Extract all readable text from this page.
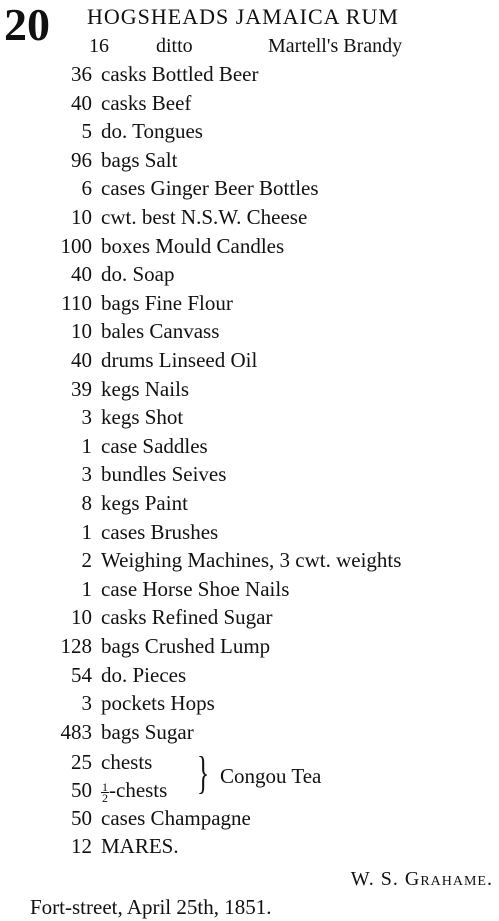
20 HOGSHEADS JAMAICA RUM
16 ditto	Martell's Brandy
36 casks Bottled Beer
40 casks Beef
5 do. Tongues
96 bags Salt
6 cases Ginger Beer Bottles
10 cwt. best N.S.W. Cheese
100 boxes Mould Candles
40 do. Soap
110 bags Fine Flour
10 bales Canvass
40 drums Linseed Oil
39 kegs Nails
3 kegs Shot
1 case Saddles
3 bundles Seives
8 kegs Paint
1 cases Brushes
2 Weighing Machines, 3 cwt. weights
1 case Horse Shoe Nails
10 casks Refined Sugar
128 bags Crushed Lump
54 do. Pieces
3 pockets Hops
483 bags Sugar
25 chests
$50 \frac{1}{2}$ -chests } Congou Tea
50 cases Champagne
12 MARES.
W. S. Grahame.
Fort-street, April 25th, 1851.
